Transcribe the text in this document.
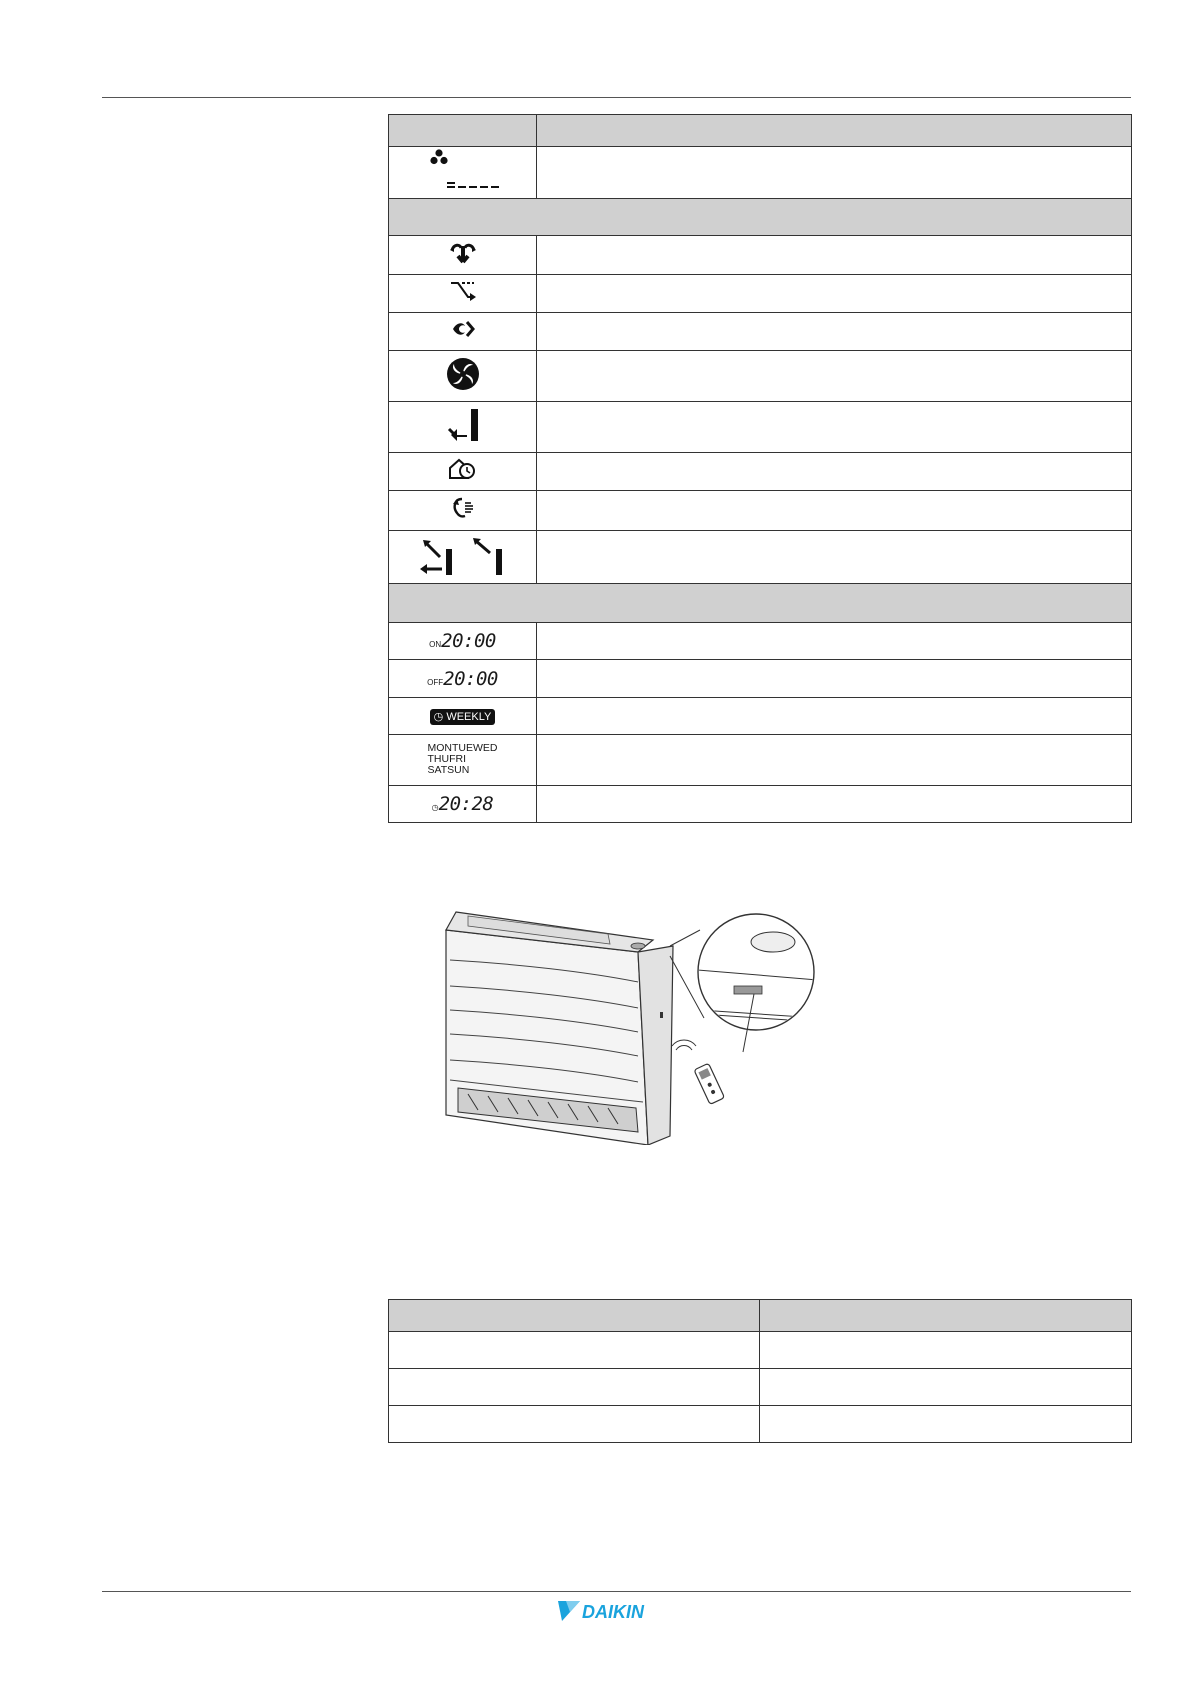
ON20:00	
OFF20:00	
◷ WEEKLY	
MONTUEWED
THUFRI
SATSUN	
◷20:28	

DAIKIN
